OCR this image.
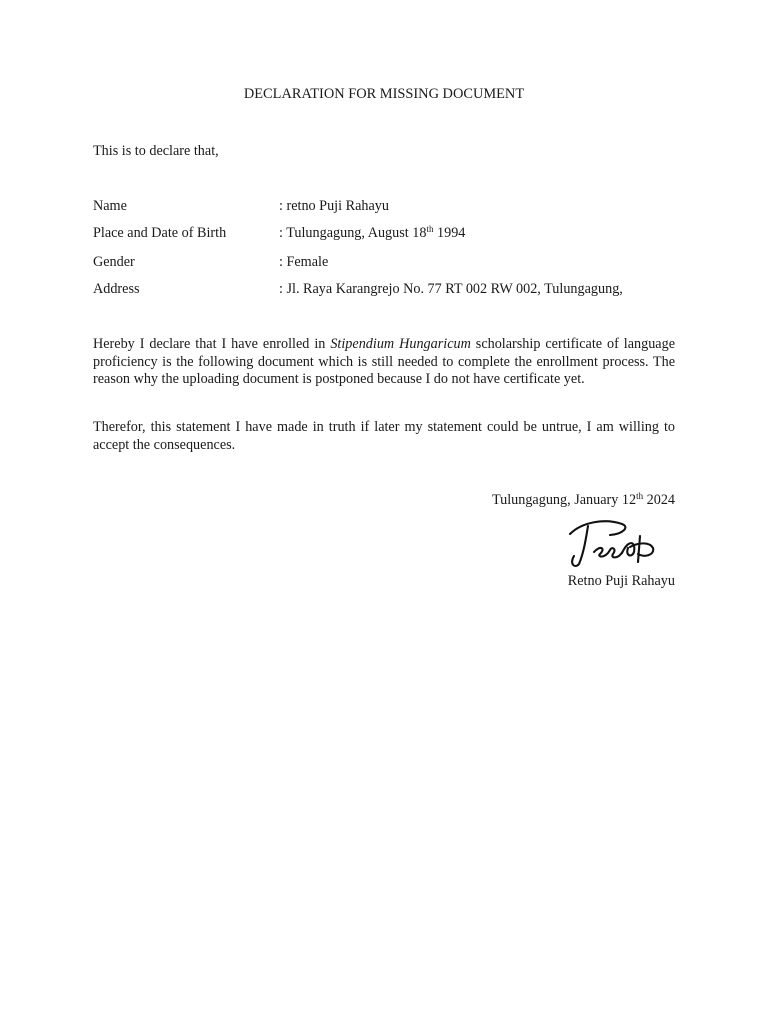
DECLARATION FOR MISSING DOCUMENT
This is to declare that,
Name	: retno Puji Rahayu
Place and Date of Birth	: Tulungagung, August 18th 1994
Gender	: Female
Address	: Jl. Raya Karangrejo No. 77 RT 002 RW 002, Tulungagung,

Hereby I declare that I have enrolled in Stipendium Hungaricum scholarship certificate of language proficiency is the following document which is still needed to complete the enrollment process. The reason why the uploading document is postponed because I do not have certificate yet.

Therefor, this statement I have made in truth if later my statement could be untrue, I am willing to accept the consequences.

Tulungagung, January 12th 2024
Retno Puji Rahayu
